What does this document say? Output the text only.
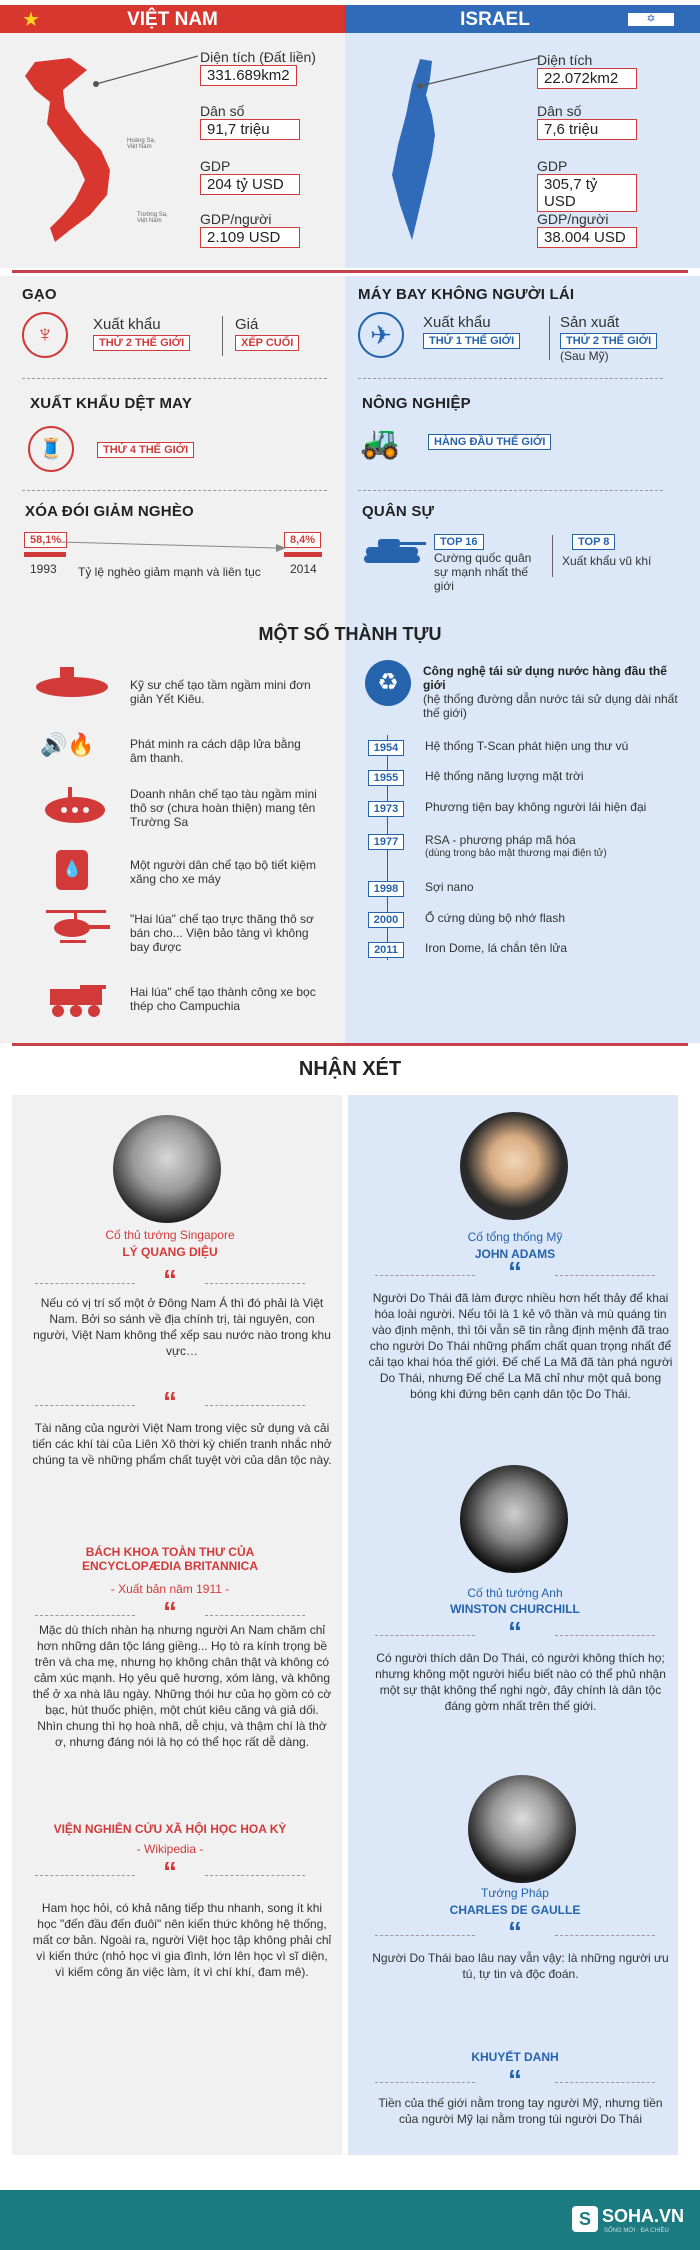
★	VIỆT NAM	ISRAEL	✡
Hoàng Sa, Việt Nam
Trường Sa, Việt Nam
Diện tích (Đất liền)
331.689km2
Dân số
91,7 triệu
GDP
204 tỷ USD
GDP/người
2.109 USD
Diện tích
22.072km2
Dân số
7,6 triệu
GDP
305,7 tỷ USD
GDP/người
38.004 USD
GẠO
♆	Xuất khẩu
THỨ 2 THẾ GIỚI
Giá
XẾP CUỐI
XUẤT KHẨU DỆT MAY
🧵	THỨ 4 THẾ GIỚI
XÓA ĐÓI GIẢM NGHÈO
58,1%	8,4%
1993 Tỷ lệ nghèo giảm mạnh và liên tục 2014
MÁY BAY KHÔNG NGƯỜI LÁI
✈	Xuất khẩu
THỨ 1 THẾ GIỚI
Sản xuất
THỨ 2 THẾ GIỚI
(Sau Mỹ)
NÔNG NGHIỆP
🚜	HÀNG ĐẦU THẾ GIỚI
QUÂN SỰ
TOP 16
Cường quốc quân sự mạnh nhất thế giới
TOP 8
Xuất khẩu vũ khí
MỘT SỐ THÀNH TỰU
🔊🔥
💧
Kỹ sư chế tạo tầm ngầm mini đơn giản Yết Kiêu.
Phát minh ra cách dập lửa bằng âm thanh.
Doanh nhân chế tạo tàu ngầm mini thô sơ (chưa hoàn thiện) mang tên Trường Sa
Một người dân chế tạo bộ tiết kiệm xăng cho xe máy
"Hai lúa" chế tạo trực thăng thô sơ bán cho... Viện bảo tàng vì không bay được
Hai lúa" chế tạo thành công xe bọc thép cho Campuchia
♻	Công nghệ tái sử dụng nước hàng đầu thế giới
(hệ thống đường dẫn nước tái sử dụng dài nhất thế giới)
1954 Hệ thống T-Scan phát hiện ung thư vú
1955 Hệ thống năng lượng mặt trời
1973 Phương tiện bay không người lái hiện đại
1977 RSA - phương pháp mã hóa
(dùng trong bảo mật thương mại điện tử)
1998 Sợi nano
2000 Ổ cứng dùng bộ nhớ flash
2011 Iron Dome, lá chắn tên lửa
NHẬN XÉT
Cố thủ tướng Singapore
LÝ QUANG DIỆU
“
Nếu có vị trí số một ở Đông Nam Á thì đó phải là Việt Nam. Bởi so sánh về địa chính trị, tài nguyên, con người, Việt Nam không thể xếp sau nước nào trong khu vực…
“
Tài năng của người Việt Nam trong việc sử dụng và cải tiến các khí tài của Liên Xô thời kỳ chiến tranh nhắc nhở chúng ta về những phẩm chất tuyệt vời của dân tộc này.
BÁCH KHOA TOÀN THƯ CỦA ENCYCLOPÆDIA BRITANNICA
- Xuất bản năm 1911 -
“
Mặc dù thích nhàn hạ nhưng người An Nam chăm chỉ hơn những dân tộc láng giềng... Họ tò ra kính trọng bề trên và cha mẹ, nhưng họ không chân thật và không có cảm xúc mạnh. Họ yêu quê hương, xóm làng, và không thể ở xa nhà lâu ngày. Những thói hư của họ gồm có cờ bạc, hút thuốc phiện, một chút kiêu căng và giả dối. Nhìn chung thì họ hoà nhã, dễ chịu, và thậm chí là thờ ơ, nhưng đáng nói là họ có thể học rất dễ dàng.
VIỆN NGHIÊN CỨU XÃ HỘI HỌC HOA KỲ
- Wikipedia -
“
Ham học hỏi, có khả năng tiếp thu nhanh, song ít khi học "đến đầu đến đuôi" nên kiến thức không hệ thống, mất cơ bản. Ngoài ra, người Việt học tập không phải chỉ vì kiến thức (nhỏ học vì gia đình, lớn lên học vì sĩ diện, vì kiếm công ăn việc làm, ít vì chí khí, đam mê).
Cố tổng thống Mỹ
JOHN ADAMS
“
Người Do Thái đã làm được nhiều hơn hết thảy để khai hóa loài người. Nếu tôi là 1 kẻ vô thần và mù quáng tin vào định mệnh, thì tôi vẫn sẽ tin rằng định mệnh đã trao cho người Do Thái những phẩm chất quan trọng nhất để cải tạo khai hóa thế giới. Đế chế La Mã đã tàn phá người Do Thái, nhưng Đế chế La Mã chỉ như một quả bong bóng khi đứng bên cạnh dân tộc Do Thái.
Cố thủ tướng Anh
WINSTON CHURCHILL
“
Có người thích dân Do Thái, có người không thích họ; nhưng không một người hiểu biết nào có thể phủ nhận một sự thật không thể nghi ngờ, đây chính là dân tộc đáng gờm nhất trên thế giới.
Tướng Pháp
CHARLES DE GAULLE
“
Người Do Thái bao lâu nay vẫn vậy: là những người ưu tú, tự tin và độc đoán.
KHUYẾT DANH
“
Tiền của thế giới nằm trong tay người Mỹ, nhưng tiền của người Mỹ lại nằm trong túi người Do Thái
S SOHA.VN
SỐNG MỚI · ĐA CHIỀU
